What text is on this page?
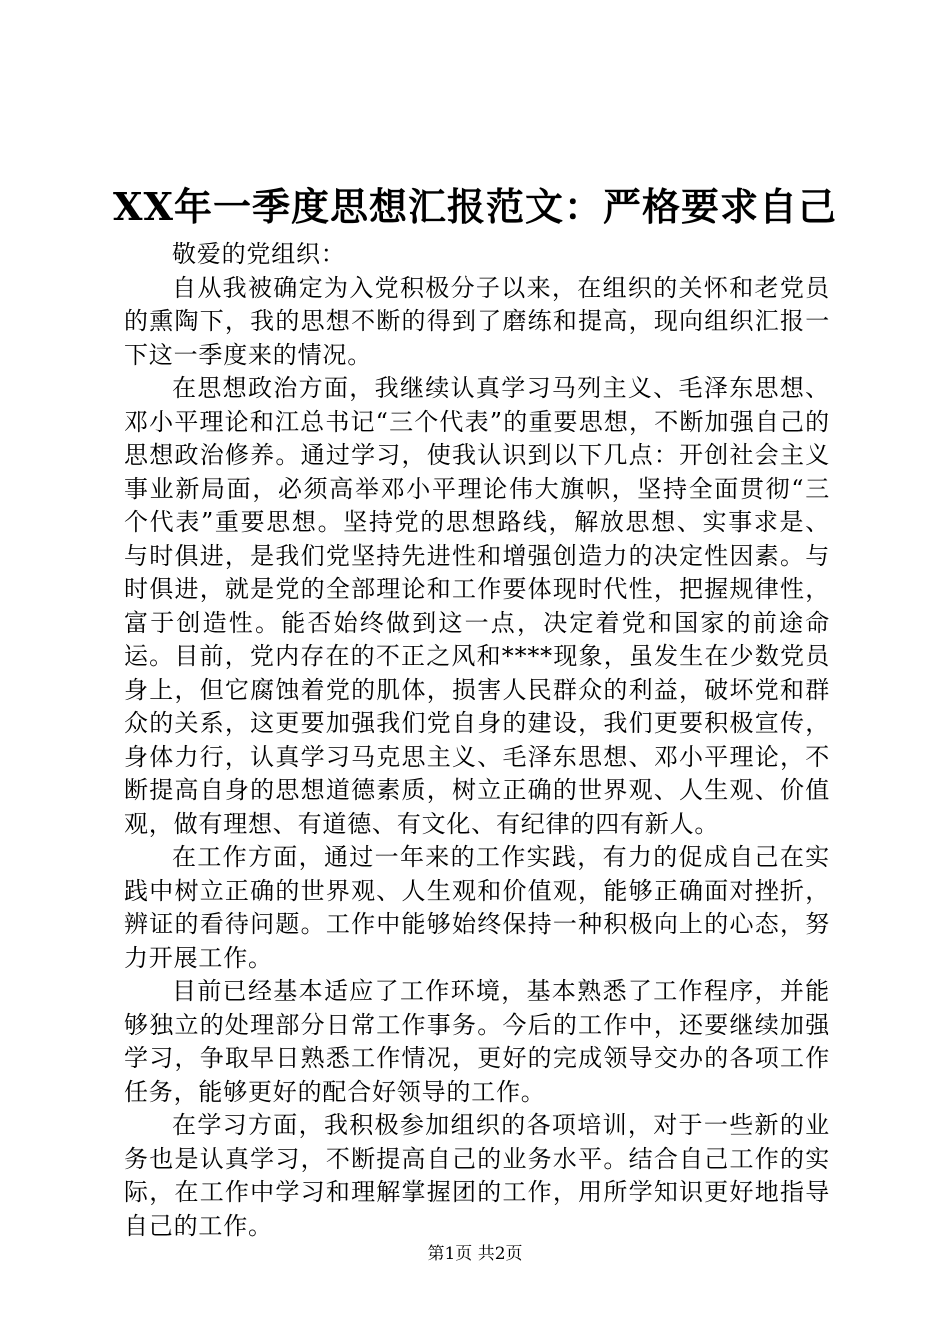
XX年一季度思想汇报范文：严格要求自己

敬爱的党组织：

自从我被确定为入党积极分子以来，在组织的关怀和老党员的熏陶下，我的思想不断的得到了磨练和提高，现向组织汇报一下这一季度来的情况。

在思想政治方面，我继续认真学习马列主义、毛泽东思想、邓小平理论和江总书记“三个代表”的重要思想，不断加强自己的思想政治修养。通过学习，使我认识到以下几点：开创社会主义事业新局面，必须高举邓小平理论伟大旗帜，坚持全面贯彻“三个代表”重要思想。坚持党的思想路线，解放思想、实事求是、与时俱进，是我们党坚持先进性和增强创造力的决定性因素。与时俱进，就是党的全部理论和工作要体现时代性，把握规律性，富于创造性。能否始终做到这一点，决定着党和国家的前途命运。目前，党内存在的不正之风和****现象，虽发生在少数党员身上，但它腐蚀着党的肌体，损害人民群众的利益，破坏党和群众的关系，这更要加强我们党自身的建设，我们更要积极宣传，身体力行，认真学习马克思主义、毛泽东思想、邓小平理论，不断提高自身的思想道德素质，树立正确的世界观、人生观、价值观，做有理想、有道德、有文化、有纪律的四有新人。

在工作方面，通过一年来的工作实践，有力的促成自己在实践中树立正确的世界观、人生观和价值观，能够正确面对挫折，辨证的看待问题。工作中能够始终保持一种积极向上的心态，努力开展工作。

目前已经基本适应了工作环境，基本熟悉了工作程序，并能够独立的处理部分日常工作事务。今后的工作中，还要继续加强学习，争取早日熟悉工作情况，更好的完成领导交办的各项工作任务，能够更好的配合好领导的工作。

在学习方面，我积极参加组织的各项培训，对于一些新的业务也是认真学习，不断提高自己的业务水平。结合自己工作的实际，在工作中学习和理解掌握团的工作，用所学知识更好地指导自己的工作。

第1页 共2页
